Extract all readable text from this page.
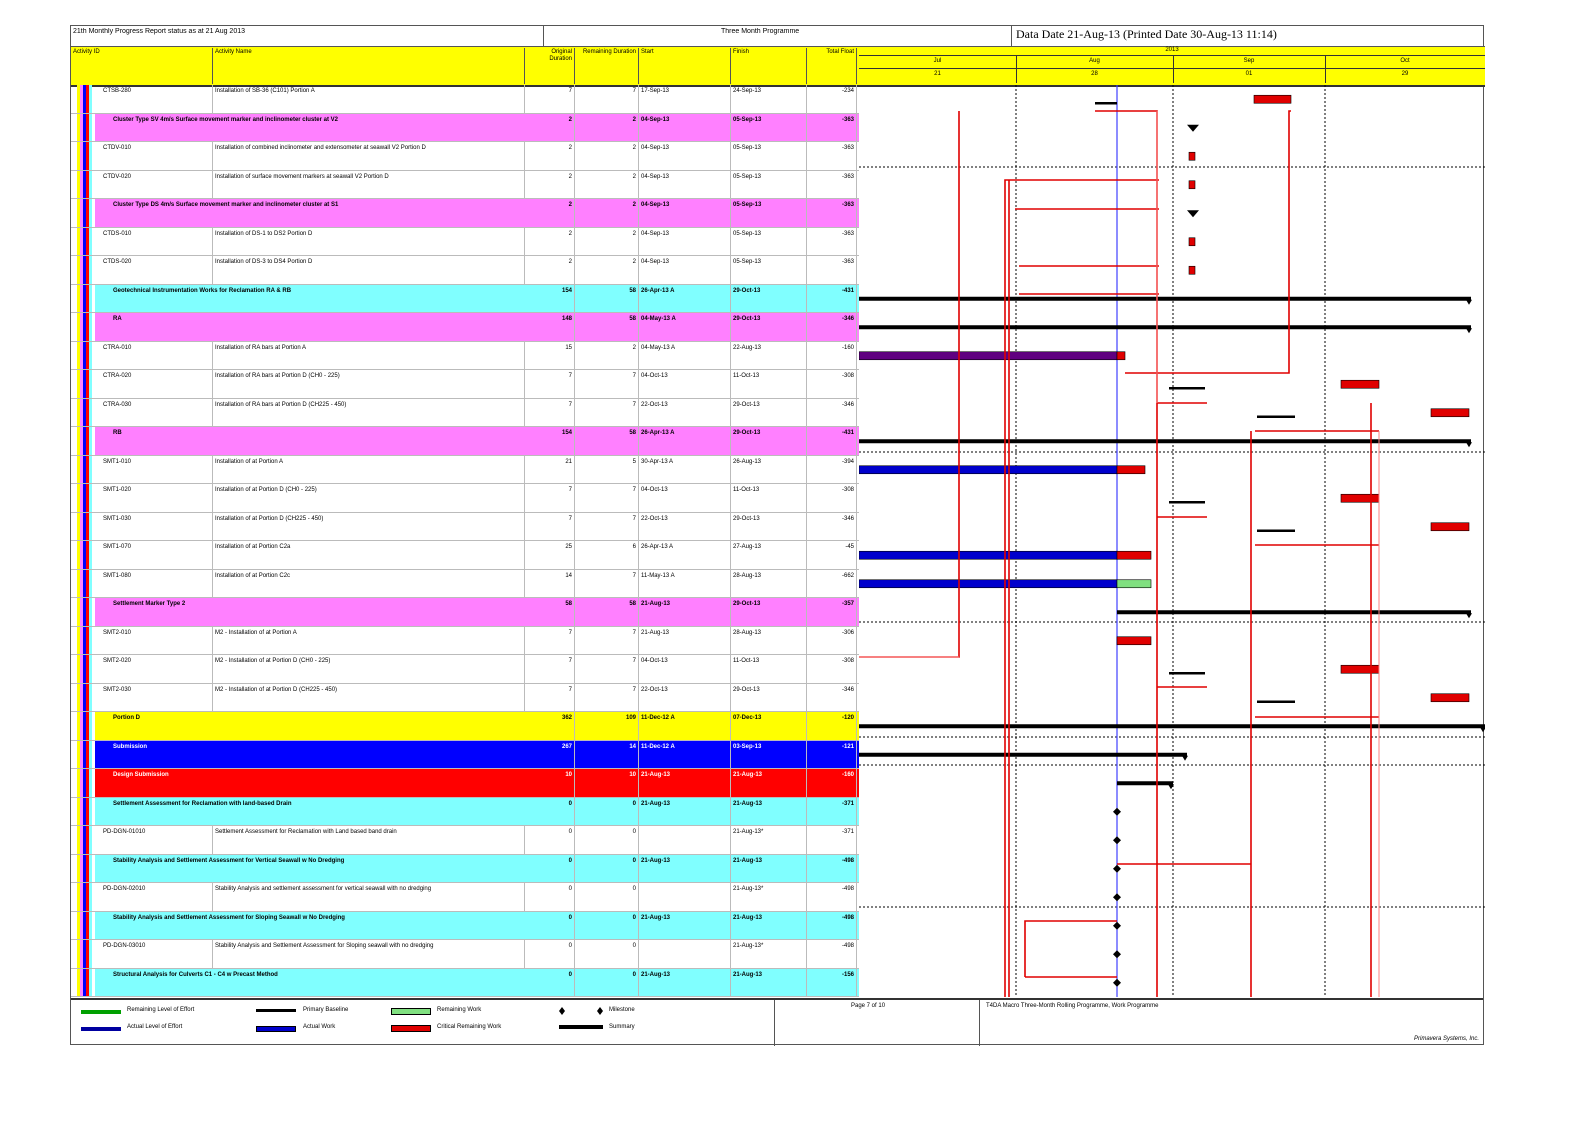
21th Monthly Progress Report status as at 21 Aug 2013	Three Month Programme	Data Date 21-Aug-13 (Printed Date 30-Aug-13 11:14)
Activity ID	Activity Name	Original Duration
Remaining Duration Start	Finish	Total Float	2013
Jul	Aug	Sep	Oct
21	28	01	29
CTSB-280	Installation of SB-36 (C101) Portion A	7	7 17-Sep-13	24-Sep-13	-234
Cluster Type SV 4m/s Surface movement marker and inclinometer cluster at V2	2	2 04-Sep-13	05-Sep-13	-363
CTDV-010	Installation of combined inclinometer and extensometer at seawall V2 Portion D	2	2 04-Sep-13	05-Sep-13	-363
CTDV-020	Installation of surface movement markers at seawall V2 Portion D	2	2 04-Sep-13	05-Sep-13	-363
Cluster Type DS 4m/s Surface movement marker and inclinometer cluster at S1	2	2 04-Sep-13	05-Sep-13	-363
CTDS-010	Installation of DS-1 to DS2 Portion D	2	2 04-Sep-13	05-Sep-13	-363
CTDS-020	Installation of DS-3 to DS4 Portion D	2	2 04-Sep-13	05-Sep-13	-363
Geotechnical Instrumentation Works for Reclamation RA & RB	154	58 26-Apr-13 A	29-Oct-13	-431
RA	148	58 04-May-13 A	29-Oct-13	-346
CTRA-010	Installation of RA bars at Portion A	15	2 04-May-13 A	22-Aug-13	-160
CTRA-020	Installation of RA bars at Portion D (CH0 - 225)	7	7 04-Oct-13	11-Oct-13	-308
CTRA-030	Installation of RA bars at Portion D (CH225 - 450)	7	7 22-Oct-13	29-Oct-13	-346
RB	154	58 26-Apr-13 A	29-Oct-13	-431
SMT1-010	Installation of at Portion A	21	5 30-Apr-13 A	26-Aug-13	-394
SMT1-020	Installation of at Portion D (CH0 - 225)	7	7 04-Oct-13	11-Oct-13	-308
SMT1-030	Installation of at Portion D (CH225 - 450)	7	7 22-Oct-13	29-Oct-13	-346
SMT1-070	Installation of at Portion C2a	25	6 26-Apr-13 A	27-Aug-13	-45
SMT1-080	Installation of at Portion C2c	14	7 11-May-13 A	28-Aug-13	-662
Settlement Marker Type 2	58	58 21-Aug-13	29-Oct-13	-357
SMT2-010	M2 - Installation of at Portion A	7	7 21-Aug-13	28-Aug-13	-306
SMT2-020	M2 - Installation of at Portion D (CH0 - 225)	7	7 04-Oct-13	11-Oct-13	-308
SMT2-030	M2 - Installation of at Portion D (CH225 - 450)	7	7 22-Oct-13	29-Oct-13	-346
Portion D	362	109 11-Dec-12 A	07-Dec-13	-120
Submission	267	14 11-Dec-12 A	03-Sep-13	-121
Design Submission	10	10 21-Aug-13	21-Aug-13	-160
Settlement Assessment for Reclamation with land-based Drain	0	0 21-Aug-13	21-Aug-13	-371
PD-DGN-01010	Settlement Assessment for Reclamation with Land based band drain	0	0	21-Aug-13*	-371
Stability Analysis and Settlement Assessment for Vertical Seawall w No Dredging	0	0 21-Aug-13	21-Aug-13	-498
PD-DGN-02010	Stability Analysis and settlement assessment for vertical seawall with no dredging	0	0	21-Aug-13*	-498
Stability Analysis and Settlement Assessment for Sloping Seawall w No Dredging	0	0 21-Aug-13	21-Aug-13	-498
PD-DGN-03010	Stability Analysis and Settlement Assessment for Sloping seawall with no dredging	0	0	21-Aug-13*	-498
Structural Analysis for Culverts C1 - C4 w Precast Method	0	0 21-Aug-13	21-Aug-13	-156
Remaining Level of Effort
Actual Level of Effort
Primary Baseline
Actual Work
Remaining Work
Critical Remaining Work
Milestone
Summary
Page 7 of 10	T4DA Macro Three-Month Rolling Programme, Work Programme
Primavera Systems, Inc.
